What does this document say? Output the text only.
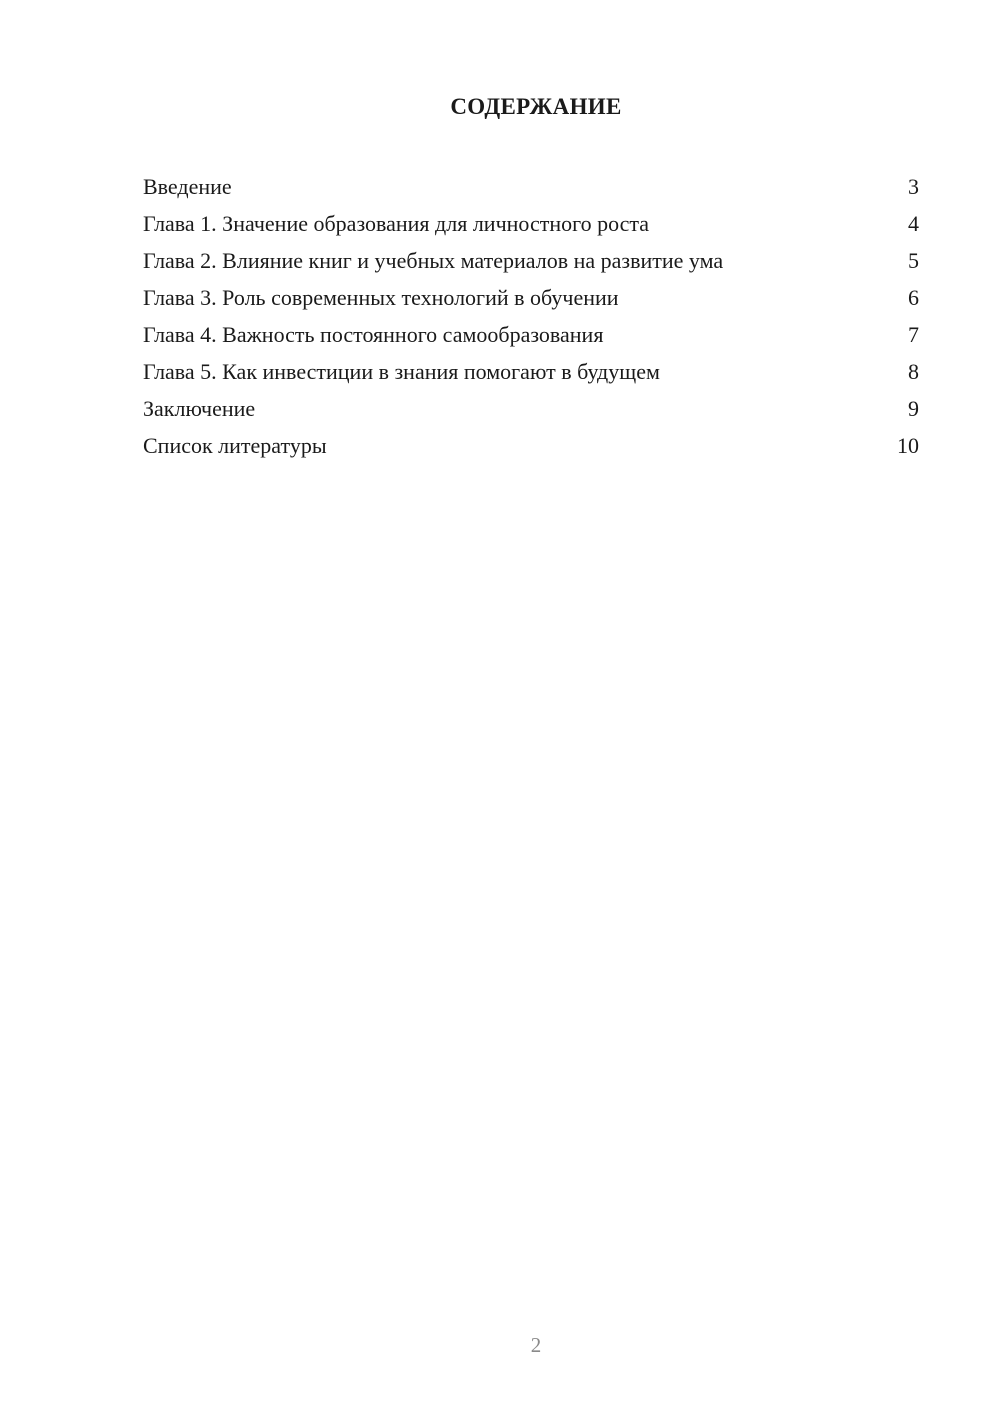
СОДЕРЖАНИЕ
Введение	3
Глава 1. Значение образования для личностного роста	4
Глава 2. Влияние книг и учебных материалов на развитие ума	5
Глава 3. Роль современных технологий в обучении	6
Глава 4. Важность постоянного самообразования	7
Глава 5. Как инвестиции в знания помогают в будущем	8
Заключение	9
Список литературы	10
2
